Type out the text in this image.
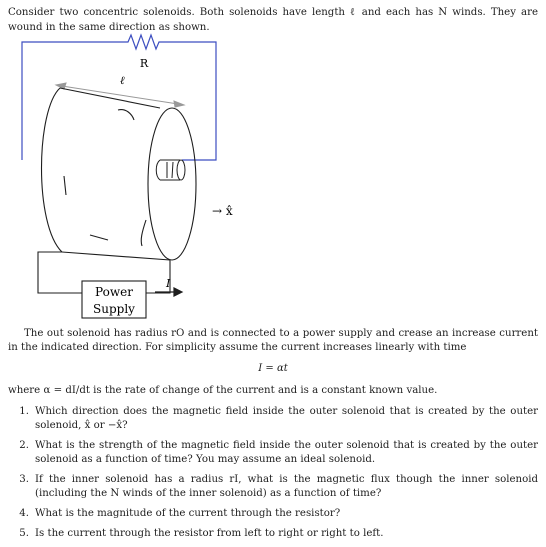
Consider two concentric solenoids. Both solenoids have length ℓ and each has N winds. They are wound in the same direction as shown.

R
ℓ
→ x̂
Power
Supply
I

The out solenoid has radius rO and is connected to a power supply and crease an increase current in the indicated direction. For simplicity assume the current increases linearly with time

I = αt

where α = dI/dt is the rate of change of the current and is a constant known value.

1. Which direction does the magnetic field inside the outer solenoid that is created by the outer solenoid, x̂ or −x̂?
2. What is the strength of the magnetic field inside the outer solenoid that is created by the outer solenoid as a function of time? You may assume an ideal solenoid.
3. If the inner solenoid has a radius rI, what is the magnetic flux though the inner solenoid (including the N winds of the inner solenoid) as a function of time?
4. What is the magnitude of the current through the resistor?
5. Is the current through the resistor from left to right or right to left.
